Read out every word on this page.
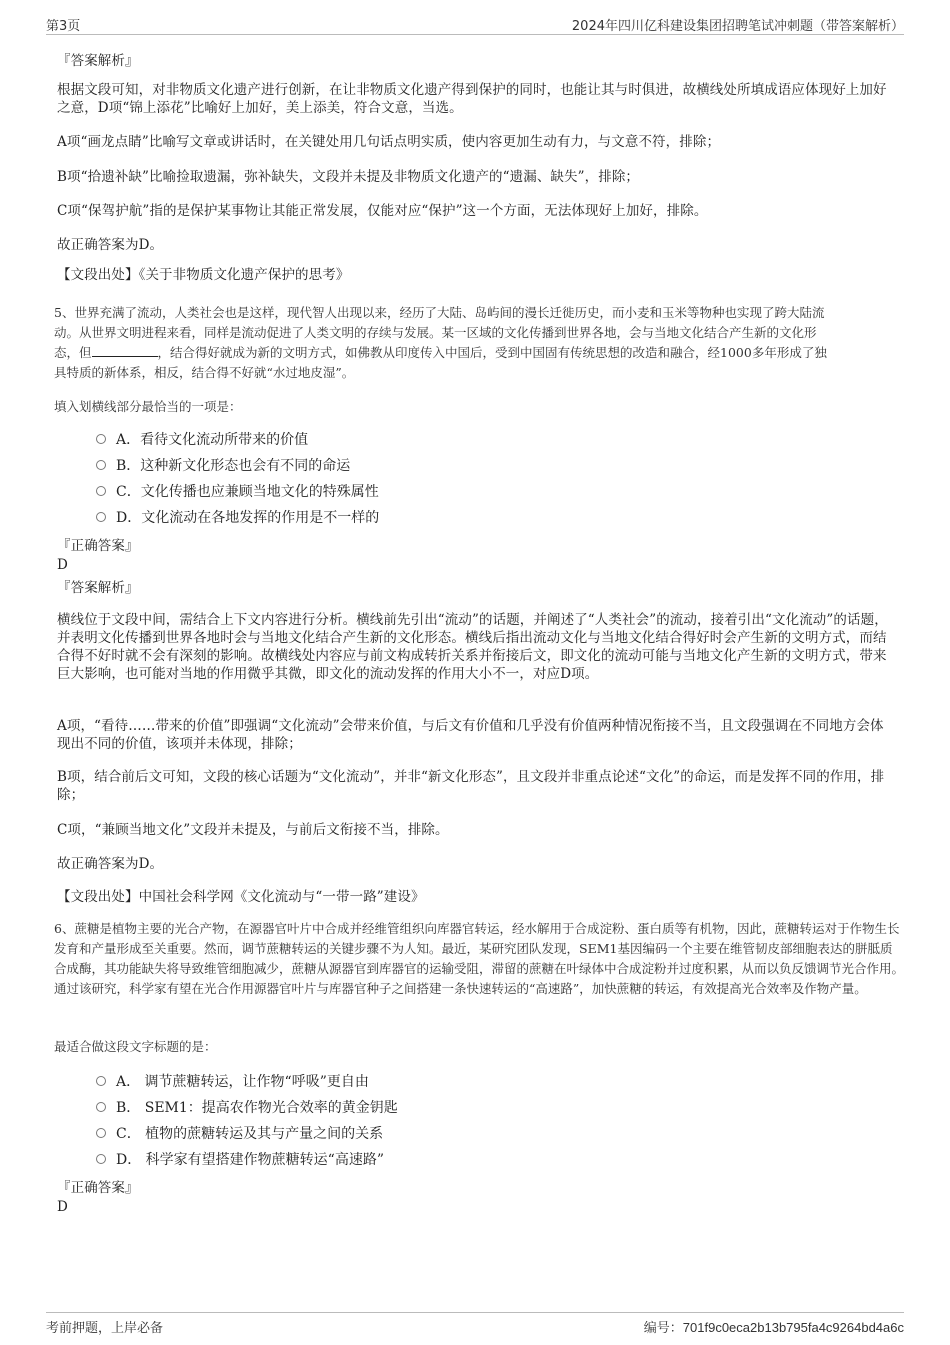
第3页	2024年四川亿科建设集团招聘笔试冲刺题（带答案解析）
『答案解析』
根据文段可知，对非物质文化遗产进行创新，在让非物质文化遗产得到保护的同时，也能让其与时俱进，故横线处所填成语应体现好上加好之意，D项“锦上添花”比喻好上加好，美上添美，符合文意，当选。
A项“画龙点睛”比喻写文章或讲话时，在关键处用几句话点明实质，使内容更加生动有力，与文意不符，排除；
B项“拾遗补缺”比喻捡取遗漏，弥补缺失，文段并未提及非物质文化遗产的“遗漏、缺失”，排除；
C项“保驾护航”指的是保护某事物让其能正常发展，仅能对应“保护”这一个方面，无法体现好上加好，排除。
故正确答案为D。
【文段出处】《关于非物质文化遗产保护的思考》
5、世界充满了流动，人类社会也是这样，现代智人出现以来，经历了大陆、岛屿间的漫长迁徙历史，而小麦和玉米等物种也实现了跨大陆流
动。从世界文明进程来看，同样是流动促进了人类文明的存续与发展。某一区域的文化传播到世界各地，会与当地文化结合产生新的文化形
态，但	，结合得好就成为新的文明方式，如佛教从印度传入中国后，受到中国固有传统思想的改造和融合，经1000多年形成了独
具特质的新体系，相反，结合得不好就“水过地皮湿”。
填入划横线部分最恰当的一项是：
A．看待文化流动所带来的价值
B．这种新文化形态也会有不同的命运
C．文化传播也应兼顾当地文化的特殊属性
D．文化流动在各地发挥的作用是不一样的
『正确答案』
D
『答案解析』
横线位于文段中间，需结合上下文内容进行分析。横线前先引出“流动”的话题，并阐述了“人类社会”的流动，接着引出“文化流动”的话题，并表明文化传播到世界各地时会与当地文化结合产生新的文化形态。横线后指出流动文化与当地文化结合得好时会产生新的文明方式，而结合得不好时就不会有深刻的影响。故横线处内容应与前文构成转折关系并衔接后文，即文化的流动可能与当地文化产生新的文明方式，带来巨大影响，也可能对当地的作用微乎其微，即文化的流动发挥的作用大小不一，对应D项。
A项，“看待……带来的价值”即强调“文化流动”会带来价值，与后文有价值和几乎没有价值两种情况衔接不当，且文段强调在不同地方会体现出不同的价值，该项并未体现，排除；
B项，结合前后文可知，文段的核心话题为“文化流动”，并非“新文化形态”，且文段并非重点论述“文化”的命运，而是发挥不同的作用，排除；
C项，“兼顾当地文化”文段并未提及，与前后文衔接不当，排除。
故正确答案为D。
【文段出处】中国社会科学网《文化流动与“一带一路”建设》
6、蔗糖是植物主要的光合产物，在源器官叶片中合成并经维管组织向库器官转运，经水解用于合成淀粉、蛋白质等有机物，因此，蔗糖转运对于作物生长发育和产量形成至关重要。然而，调节蔗糖转运的关键步骤不为人知。最近，某研究团队发现，SEM1基因编码一个主要在维管韧皮部细胞表达的胼胝质合成酶，其功能缺失将导致维管细胞减少，蔗糖从源器官到库器官的运输受阻，滞留的蔗糖在叶绿体中合成淀粉并过度积累，从而以负反馈调节光合作用。通过该研究，科学家有望在光合作用源器官叶片与库器官种子之间搭建一条快速转运的“高速路”，加快蔗糖的转运，有效提高光合效率及作物产量。
最适合做这段文字标题的是：
A． 调节蔗糖转运，让作物“呼吸”更自由
B． SEM1：提高农作物光合效率的黄金钥匙
C． 植物的蔗糖转运及其与产量之间的关系
D． 科学家有望搭建作物蔗糖转运“高速路”
『正确答案』
D
考前押题，上岸必备	编号：701f9c0eca2b13b795fa4c9264bd4a6c
